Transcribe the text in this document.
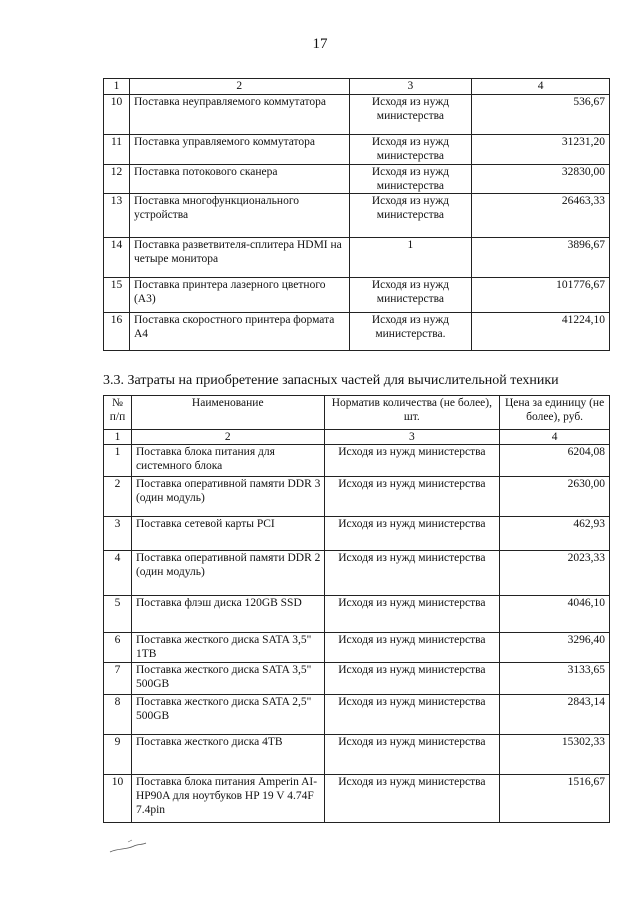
17
1	2	3	4
10	Поставка неуправляемого коммутатора	Исходя из нужд министерства	536,67
11	Поставка управляемого коммутатора	Исходя из нужд министерства	31231,20
12	Поставка потокового сканера	Исходя из нужд министерства	32830,00
13	Поставка многофункционального устройства	Исходя из нужд министерства	26463,33
14	Поставка разветвителя-сплитера HDMI на четыре монитора	1	3896,67
15	Поставка принтера лазерного цветного (А3)	Исходя из нужд министерства	101776,67
16	Поставка скоростного принтера формата А4	Исходя из нужд министерства.	41224,10
3.3. Затраты на приобретение запасных частей для вычислительной техники
№ п/п	Наименование	Норматив количества (не более), шт.	Цена за единицу (не более), руб.
1	2	3	4
1	Поставка блока питания для системного блока	Исходя из нужд министерства	6204,08
2	Поставка оперативной памяти DDR 3 (один модуль)	Исходя из нужд министерства	2630,00
3	Поставка сетевой карты PCI	Исходя из нужд министерства	462,93
4	Поставка оперативной памяти DDR 2 (один модуль)	Исходя из нужд министерства	2023,33
5	Поставка флэш диска 120GB SSD	Исходя из нужд министерства	4046,10
6	Поставка жесткого диска SATA 3,5" 1TB	Исходя из нужд министерства	3296,40
7	Поставка жесткого диска SATA 3,5" 500GB	Исходя из нужд министерства	3133,65
8	Поставка жесткого диска SATA 2,5" 500GB	Исходя из нужд министерства	2843,14
9	Поставка жесткого диска 4TB	Исходя из нужд министерства	15302,33
10	Поставка блока питания Amperin AI-HP90A для ноутбуков HP 19 V 4.74F 7.4pin	Исходя из нужд министерства	1516,67
